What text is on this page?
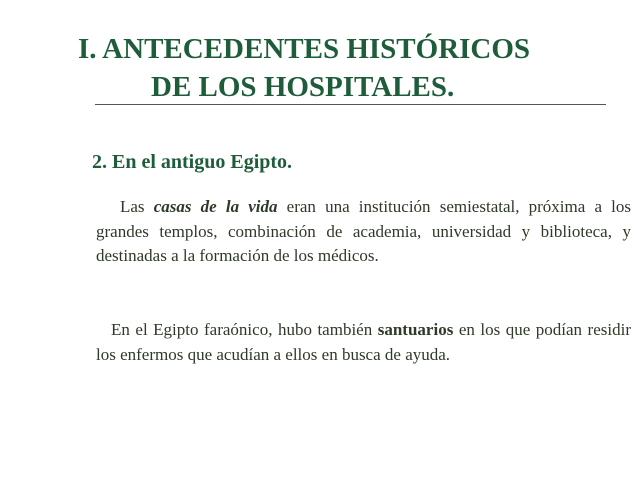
I. ANTECEDENTES HISTÓRICOS
DE LOS HOSPITALES.
2. En el antiguo Egipto.

Las casas de la vida eran una institución semiestatal, próxima a los grandes templos, combinación de academia, universidad y biblioteca, y destinadas a la formación de los médicos.

En el Egipto faraónico, hubo también santuarios en los que podían residir los enfermos que acudían a ellos en busca de ayuda.
